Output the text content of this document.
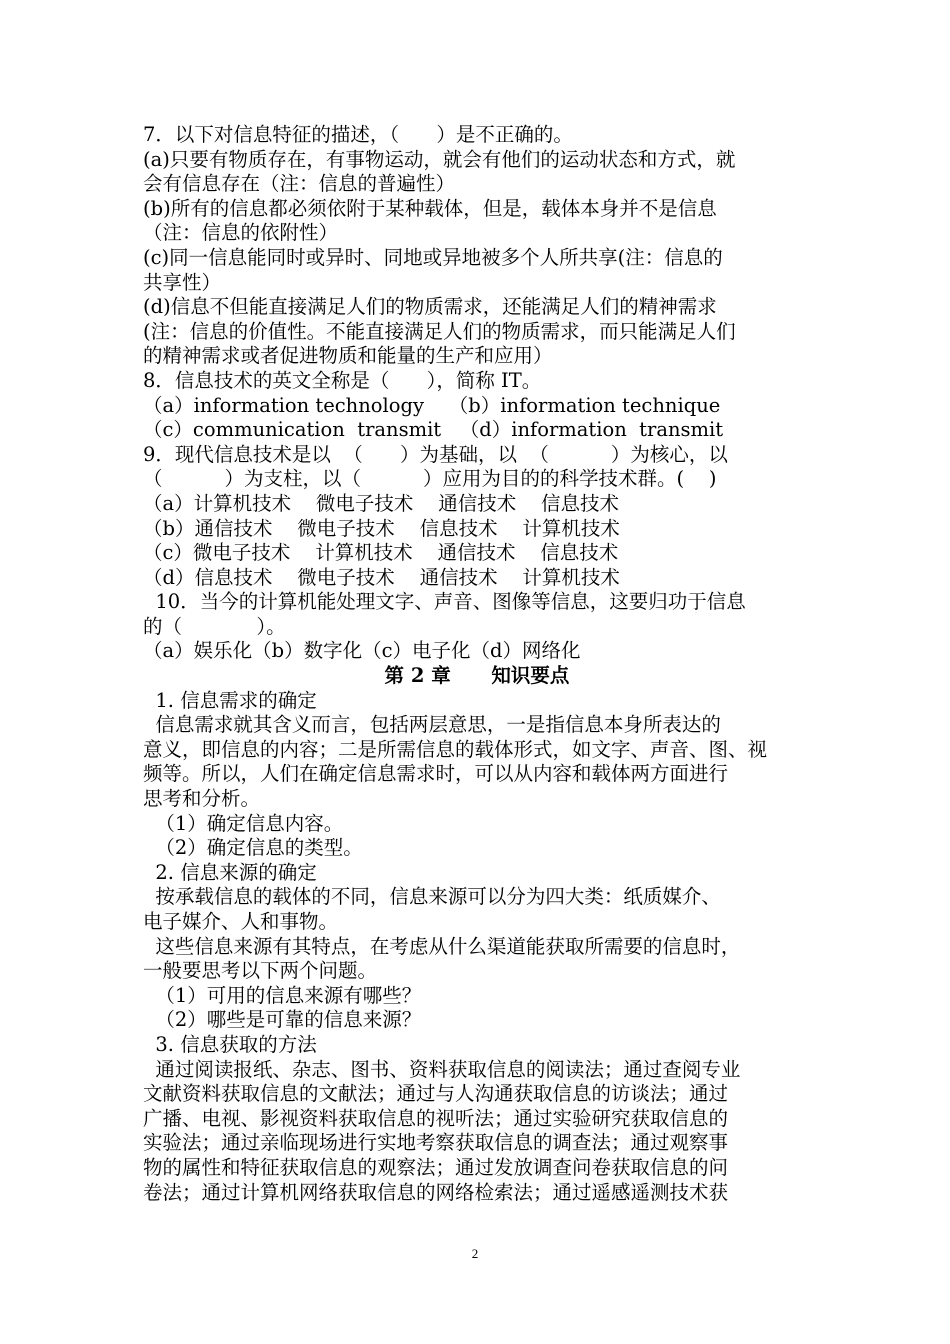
7．以下对信息特征的描述，（      ）是不正确的。
(a)只要有物质存在，有事物运动，就会有他们的运动状态和方式，就
会有信息存在（注：信息的普遍性）
(b)所有的信息都必须依附于某种载体，但是，载体本身并不是信息
（注：信息的依附性）
(c)同一信息能同时或异时、同地或异地被多个人所共享(注：信息的
共享性）
(d)信息不但能直接满足人们的物质需求，还能满足人们的精神需求
(注：信息的价值性。不能直接满足人们的物质需求，而只能满足人们
的精神需求或者促进物质和能量的生产和应用）
8．信息技术的英文全称是（      ），简称 IT。
（a）information technology    （b）information technique
（c）communication  transmit   （d）information  transmit
9．现代信息技术是以  （      ）为基础，以  （          ）为核心，以
（          ）为支柱，以（          ）应用为目的的科学技术群。(    )
（a）计算机技术    微电子技术    通信技术    信息技术
（b）通信技术    微电子技术    信息技术    计算机技术
（c）微电子技术    计算机技术    通信技术    信息技术
（d）信息技术    微电子技术    通信技术    计算机技术
10．当今的计算机能处理文字、声音、图像等信息，这要归功于信息
的（            ）。
（a）娱乐化（b）数字化（c）电子化（d）网络化
第 2 章      知识要点
1. 信息需求的确定
信息需求就其含义而言，包括两层意思，一是指信息本身所表达的
意义，即信息的内容；二是所需信息的载体形式，如文字、声音、图、视
频等。所以，人们在确定信息需求时，可以从内容和载体两方面进行
思考和分析。
（1）确定信息内容。
（2）确定信息的类型。
2. 信息来源的确定
按承载信息的载体的不同，信息来源可以分为四大类：纸质媒介、
电子媒介、人和事物。
这些信息来源有其特点，在考虑从什么渠道能获取所需要的信息时，
一般要思考以下两个问题。
（1）可用的信息来源有哪些？
（2）哪些是可靠的信息来源？
3. 信息获取的方法
通过阅读报纸、杂志、图书、资料获取信息的阅读法；通过查阅专业
文献资料获取信息的文献法；通过与人沟通获取信息的访谈法；通过
广播、电视、影视资料获取信息的视听法；通过实验研究获取信息的
实验法；通过亲临现场进行实地考察获取信息的调查法；通过观察事
物的属性和特征获取信息的观察法；通过发放调查问卷获取信息的问
卷法；通过计算机网络获取信息的网络检索法；通过遥感遥测技术获
2
